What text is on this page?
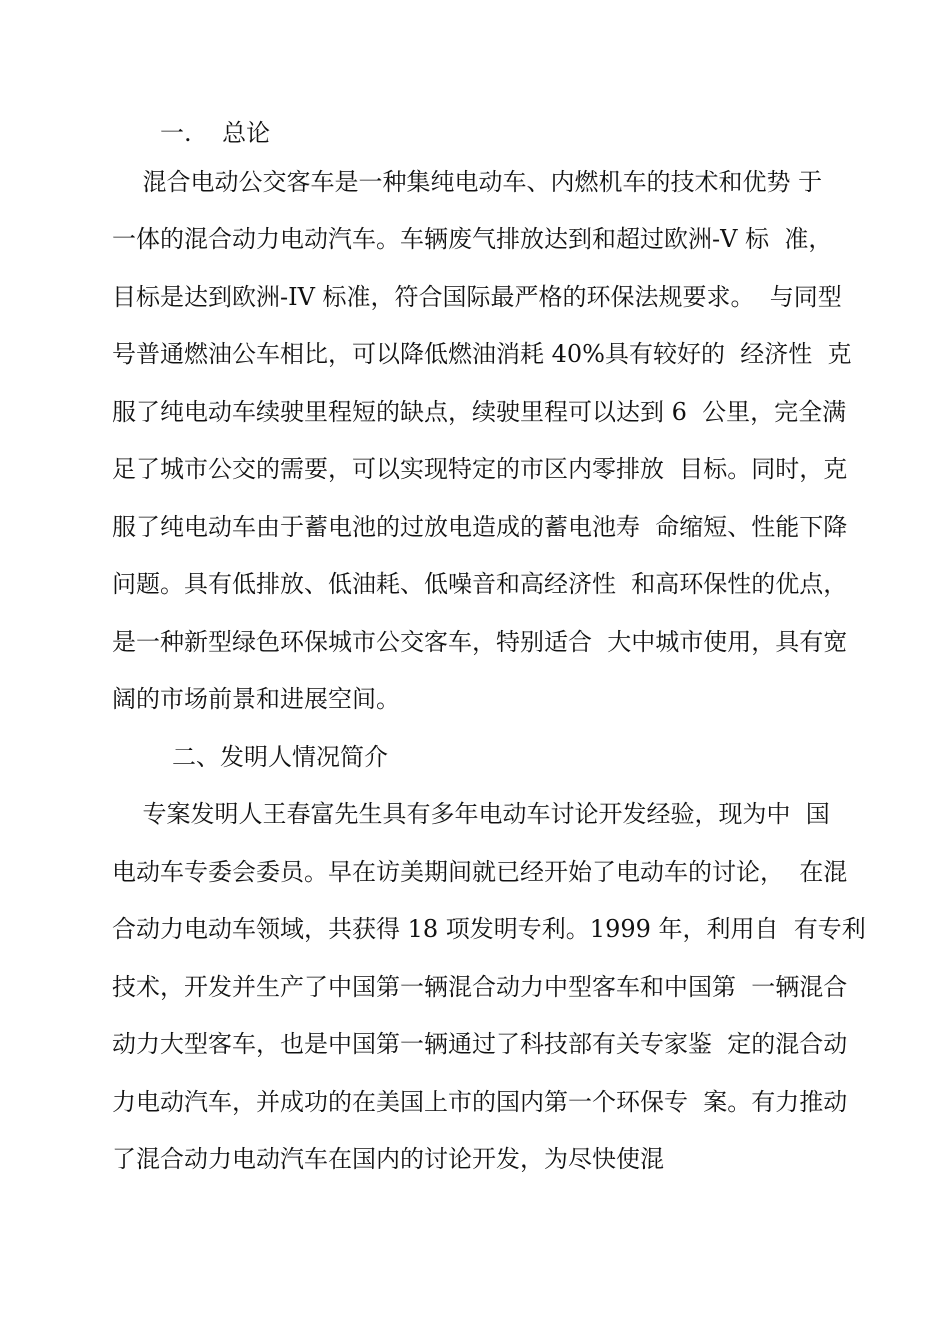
一.    总论
混合电动公交客车是一种集纯电动车、内燃机车的技术和优势 于
一体的混合动力电动汽车。车辆废气排放达到和超过欧洲-V 标  准，
目标是达到欧洲-IV 标准，符合国际最严格的环保法规要求。  与同型
号普通燃油公车相比，可以降低燃油消耗 40%具有较好的  经济性  克
服了纯电动车续驶里程短的缺点，续驶里程可以达到 6  公里，完全满
足了城市公交的需要，可以实现特定的市区内零排放  目标。同时，克
服了纯电动车由于蓄电池的过放电造成的蓄电池寿  命缩短、性能下降
问题。具有低排放、低油耗、低噪音和高经济性  和高环保性的优点，
是一种新型绿色环保城市公交客车，特别适合  大中城市使用，具有宽
阔的市场前景和进展空间。
二、发明人情况简介
专案发明人王春富先生具有多年电动车讨论开发经验，现为中  国
电动车专委会委员。早在访美期间就已经开始了电动车的讨论，  在混
合动力电动车领域，共获得 18 项发明专利。1999 年，利用自  有专利
技术，开发并生产了中国第一辆混合动力中型客车和中国第  一辆混合
动力大型客车，也是中国第一辆通过了科技部有关专家鉴  定的混合动
力电动汽车，并成功的在美国上市的国内第一个环保专  案。有力推动
了混合动力电动汽车在国内的讨论开发，为尽快使混
